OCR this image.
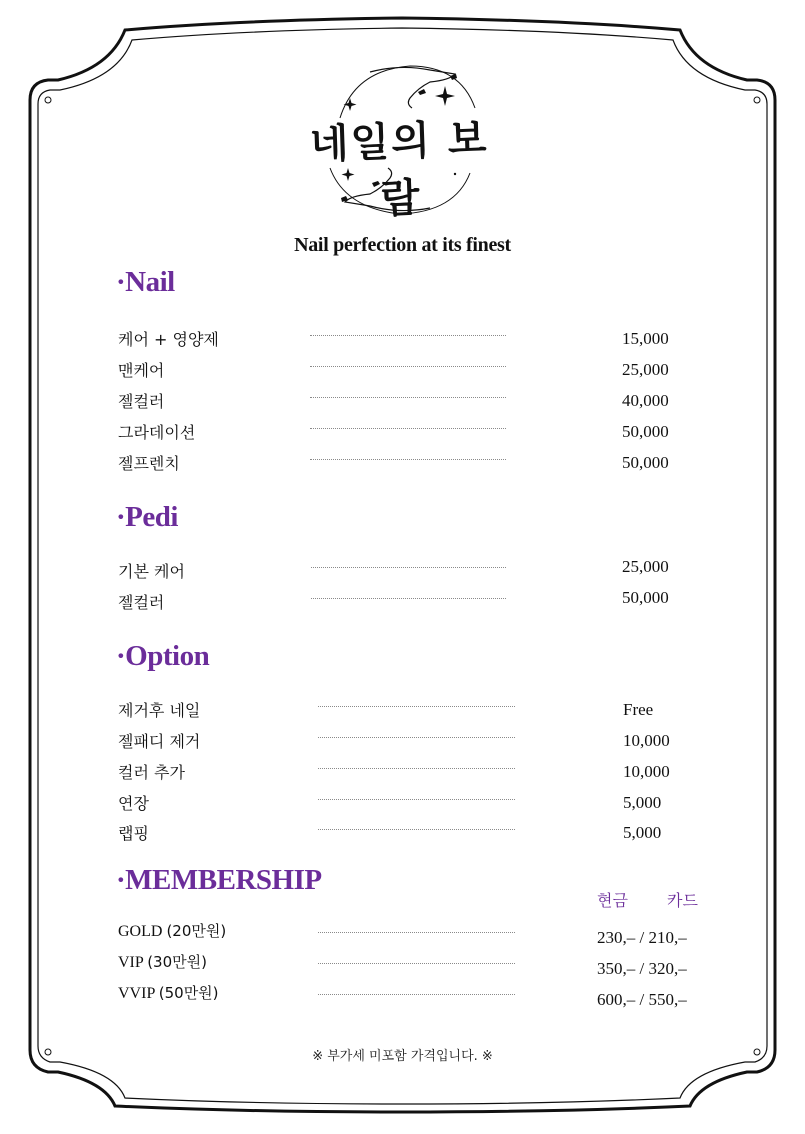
네일의 보람
Nail perfection at its finest
·Nail
케어 + 영양제	15,000
맨케어	25,000
젤컬러	40,000
그라데이션	50,000
젤프렌치	50,000
·Pedi
기본 케어	25,000
젤컬러	50,000
·Option
제거후 네일	Free
젤패디 제거	10,000
컬러 추가	10,000
연장	5,000
랩핑	5,000
·MEMBERSHIP
현금 카드
GOLD (20만원)	230,– / 210,–
VIP (30만원)	350,– / 320,–
VVIP (50만원)	600,– / 550,–
※ 부가세 미포함 가격입니다. ※
